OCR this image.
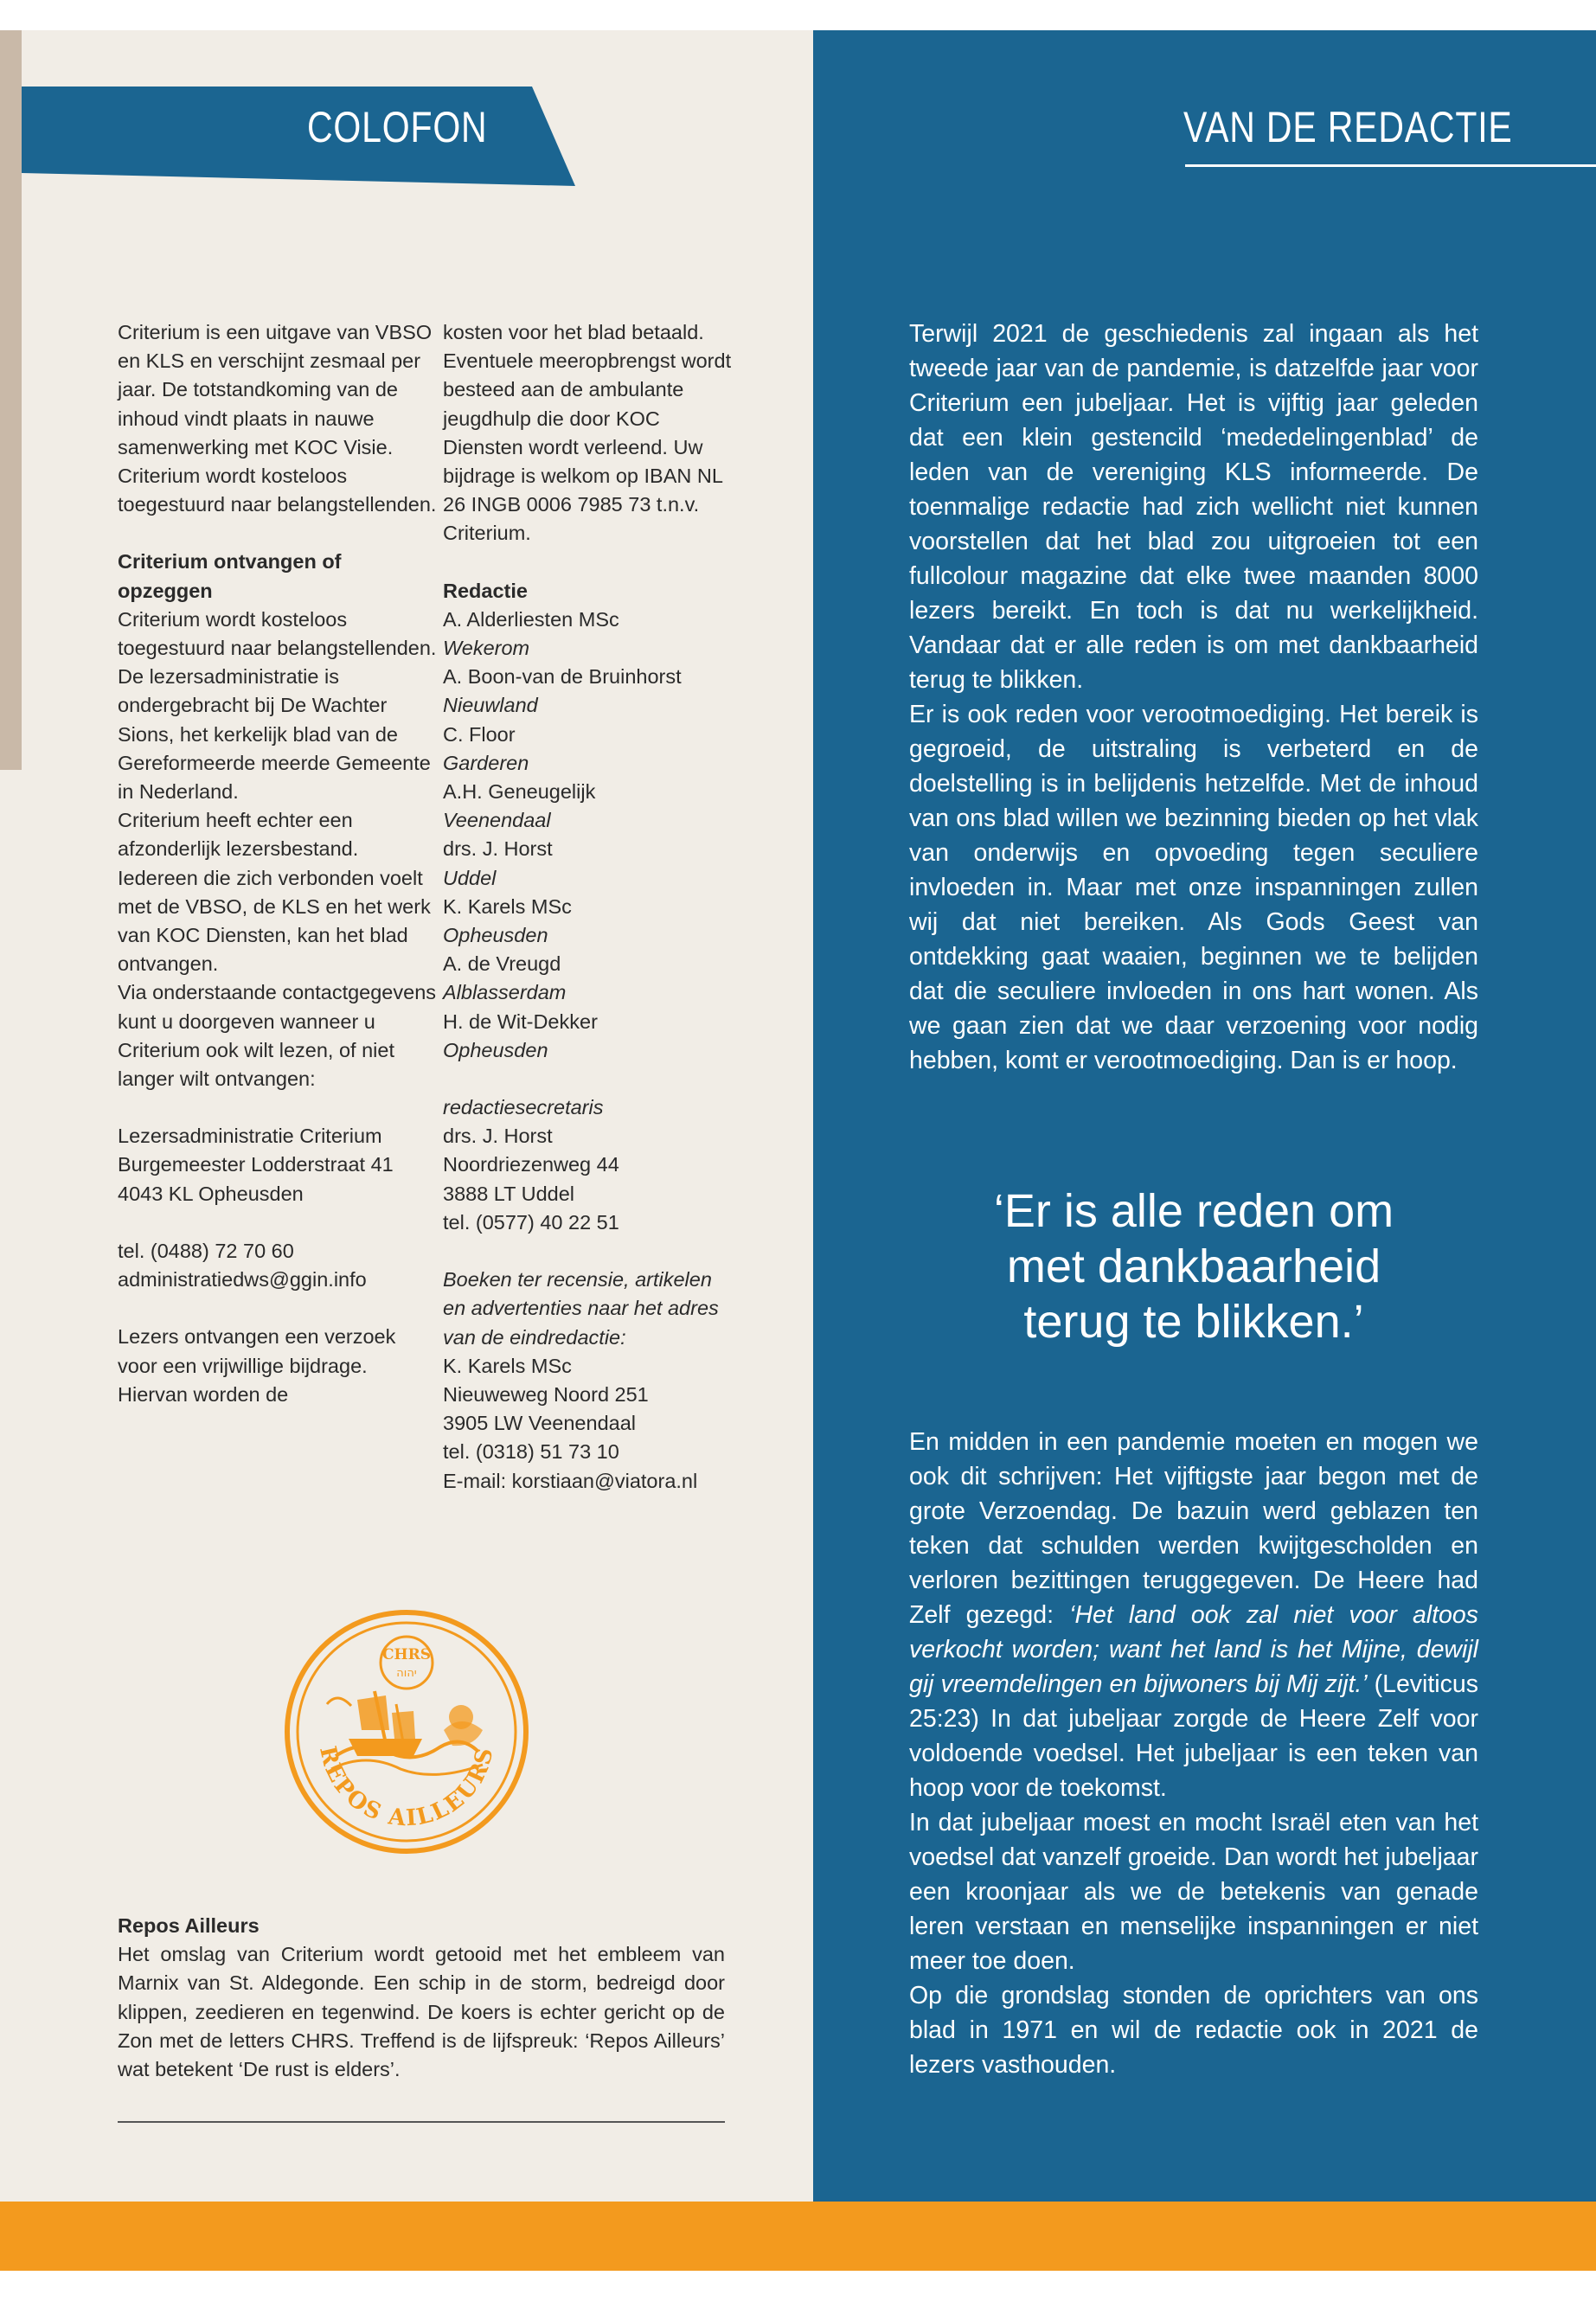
COLOFON

Criterium is een uitgave van VBSO en KLS en verschijnt zesmaal per jaar. De totstandkoming van de inhoud vindt plaats in nauwe samenwerking met KOC Visie. Criterium wordt kosteloos toegestuurd naar belangstellenden.

Criterium ontvangen of opzeggen

Criterium wordt kosteloos toegestuurd naar belangstellenden. De lezersadministratie is ondergebracht bij De Wachter Sions, het kerkelijk blad van de Gereformeerde meerde Gemeente in Nederland.

Criterium heeft echter een afzonderlijk lezersbestand. Iedereen die zich verbonden voelt met de VBSO, de KLS en het werk van KOC Diensten, kan het blad ontvangen.

Via onderstaande contactgegevens kunt u doorgeven wanneer u Criterium ook wilt lezen, of niet langer wilt ontvangen:

Lezersadministratie Criterium

Burgemeester Lodderstraat 41

4043 KL Opheusden

tel. (0488) 72 70 60

administratiedws@ggin.info

Lezers ontvangen een verzoek voor een vrijwillige bijdrage. Hiervan worden de

kosten voor het blad betaald. Eventuele meeropbrengst wordt besteed aan de ambulante jeugdhulp die door KOC Diensten wordt verleend. Uw bijdrage is welkom op IBAN NL 26 INGB 0006 7985 73 t.n.v. Criterium.

Redactie

A. Alderliesten MSc

Wekerom

A. Boon-van de Bruinhorst

Nieuwland

C. Floor

Garderen

A.H. Geneugelijk

Veenendaal

drs. J. Horst

Uddel

K. Karels MSc

Opheusden

A. de Vreugd

Alblasserdam

H. de Wit-Dekker

Opheusden

redactiesecretaris

drs. J. Horst

Noordriezenweg 44

3888 LT Uddel

tel. (0577) 40 22 51

Boeken ter recensie, artikelen en advertenties naar het adres van de eindredactie:

K. Karels MSc

Nieuweweg Noord 251

3905 LW Veenendaal

tel. (0318) 51 73 10

E-mail: korstiaan@viatora.nl

CHRS
יהוה
REPOS AILLEURS

Repos Ailleurs

Het omslag van Criterium wordt getooid met het embleem van Marnix van St. Aldegonde. Een schip in de storm, bedreigd door klippen, zeedieren en tegenwind. De koers is echter gericht op de Zon met de letters CHRS. Treffend is de lijfspreuk: ‘Repos Ailleurs’ wat betekent ‘De rust is elders’.

VAN DE REDACTIE

Terwijl 2021 de geschiedenis zal ingaan als het tweede jaar van de pandemie, is datzelfde jaar voor Criterium een jubeljaar. Het is vijftig jaar geleden dat een klein gestencild ‘mededelingenblad’ de leden van de vereniging KLS informeerde. De toenmalige redactie had zich wellicht niet kunnen voorstellen dat het blad zou uitgroeien tot een fullcolour magazine dat elke twee maanden 8000 lezers bereikt. En toch is dat nu werkelijkheid. Vandaar dat er alle reden is om met dankbaarheid terug te blikken.

Er is ook reden voor verootmoediging. Het bereik is gegroeid, de uitstraling is verbeterd en de doelstelling is in belijdenis hetzelfde. Met de inhoud van ons blad willen we bezinning bieden op het vlak van onderwijs en opvoeding tegen seculiere invloeden in. Maar met onze inspanningen zullen wij dat niet bereiken. Als Gods Geest van ontdekking gaat waaien, beginnen we te belijden dat die seculiere invloeden in ons hart wonen. Als we gaan zien dat we daar verzoening voor nodig hebben, komt er verootmoediging. Dan is er hoop.

‘Er is alle reden om met dankbaarheid terug te blikken.’

En midden in een pandemie moeten en mogen we ook dit schrijven: Het vijftigste jaar begon met de grote Verzoendag. De bazuin werd geblazen ten teken dat schulden werden kwijtgescholden en verloren bezittingen teruggegeven. De Heere had Zelf gezegd: ‘Het land ook zal niet voor altoos verkocht worden; want het land is het Mijne, dewijl gij vreemdelingen en bijwoners bij Mij zijt.’ (Leviticus 25:23) In dat jubeljaar zorgde de Heere Zelf voor voldoende voedsel. Het jubeljaar is een teken van hoop voor de toekomst.

In dat jubeljaar moest en mocht Israël eten van het voedsel dat vanzelf groeide. Dan wordt het jubeljaar een kroonjaar als we de betekenis van genade leren verstaan en menselijke inspanningen er niet meer toe doen.

Op die grondslag stonden de oprichters van ons blad in 1971 en wil de redactie ook in 2021 de lezers vasthouden.
